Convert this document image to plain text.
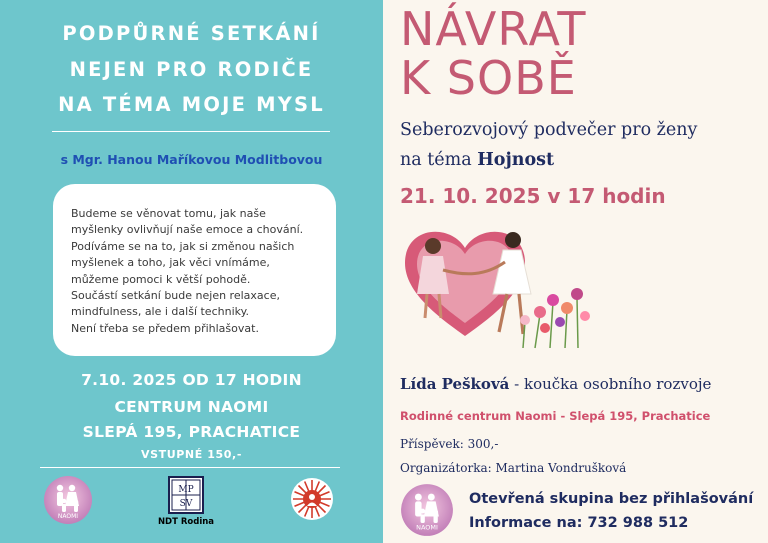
PODPŮRNÉ SETKÁNÍ
NEJEN PRO RODIČE
NA TÉMA MOJE MYSL
s Mgr. Hanou Maříkovou Modlitbovou
Budeme se věnovat tomu, jak naše
myšlenky ovlivňují naše emoce a chování.
Podíváme se na to, jak si změnou našich
myšlenek a toho, jak věci vnímáme,
můžeme pomoci k větší pohodě.
Součástí setkání bude nejen relaxace,
mindfulness, ale i další techniky.
Není třeba se předem přihlašovat.
7.10. 2025 OD 17 HODIN
CENTRUM NAOMI
SLEPÁ 195, PRACHATICE
VSTUPNÉ 150,-
NAOMI
MP
SV
NDT Rodina
NÁVRAT
K SOBĚ
Seberozvojový podvečer pro ženy
na téma Hojnost
21. 10. 2025 v 17 hodin
Lída Pešková - koučka osobního rozvoje
Rodinné centrum Naomi - Slepá 195, Prachatice
Příspěvek: 300,-
Organizátorka: Martina Vondrušková
NAOMI
Otevřená skupina bez přihlašování
Informace na: 732 988 512
